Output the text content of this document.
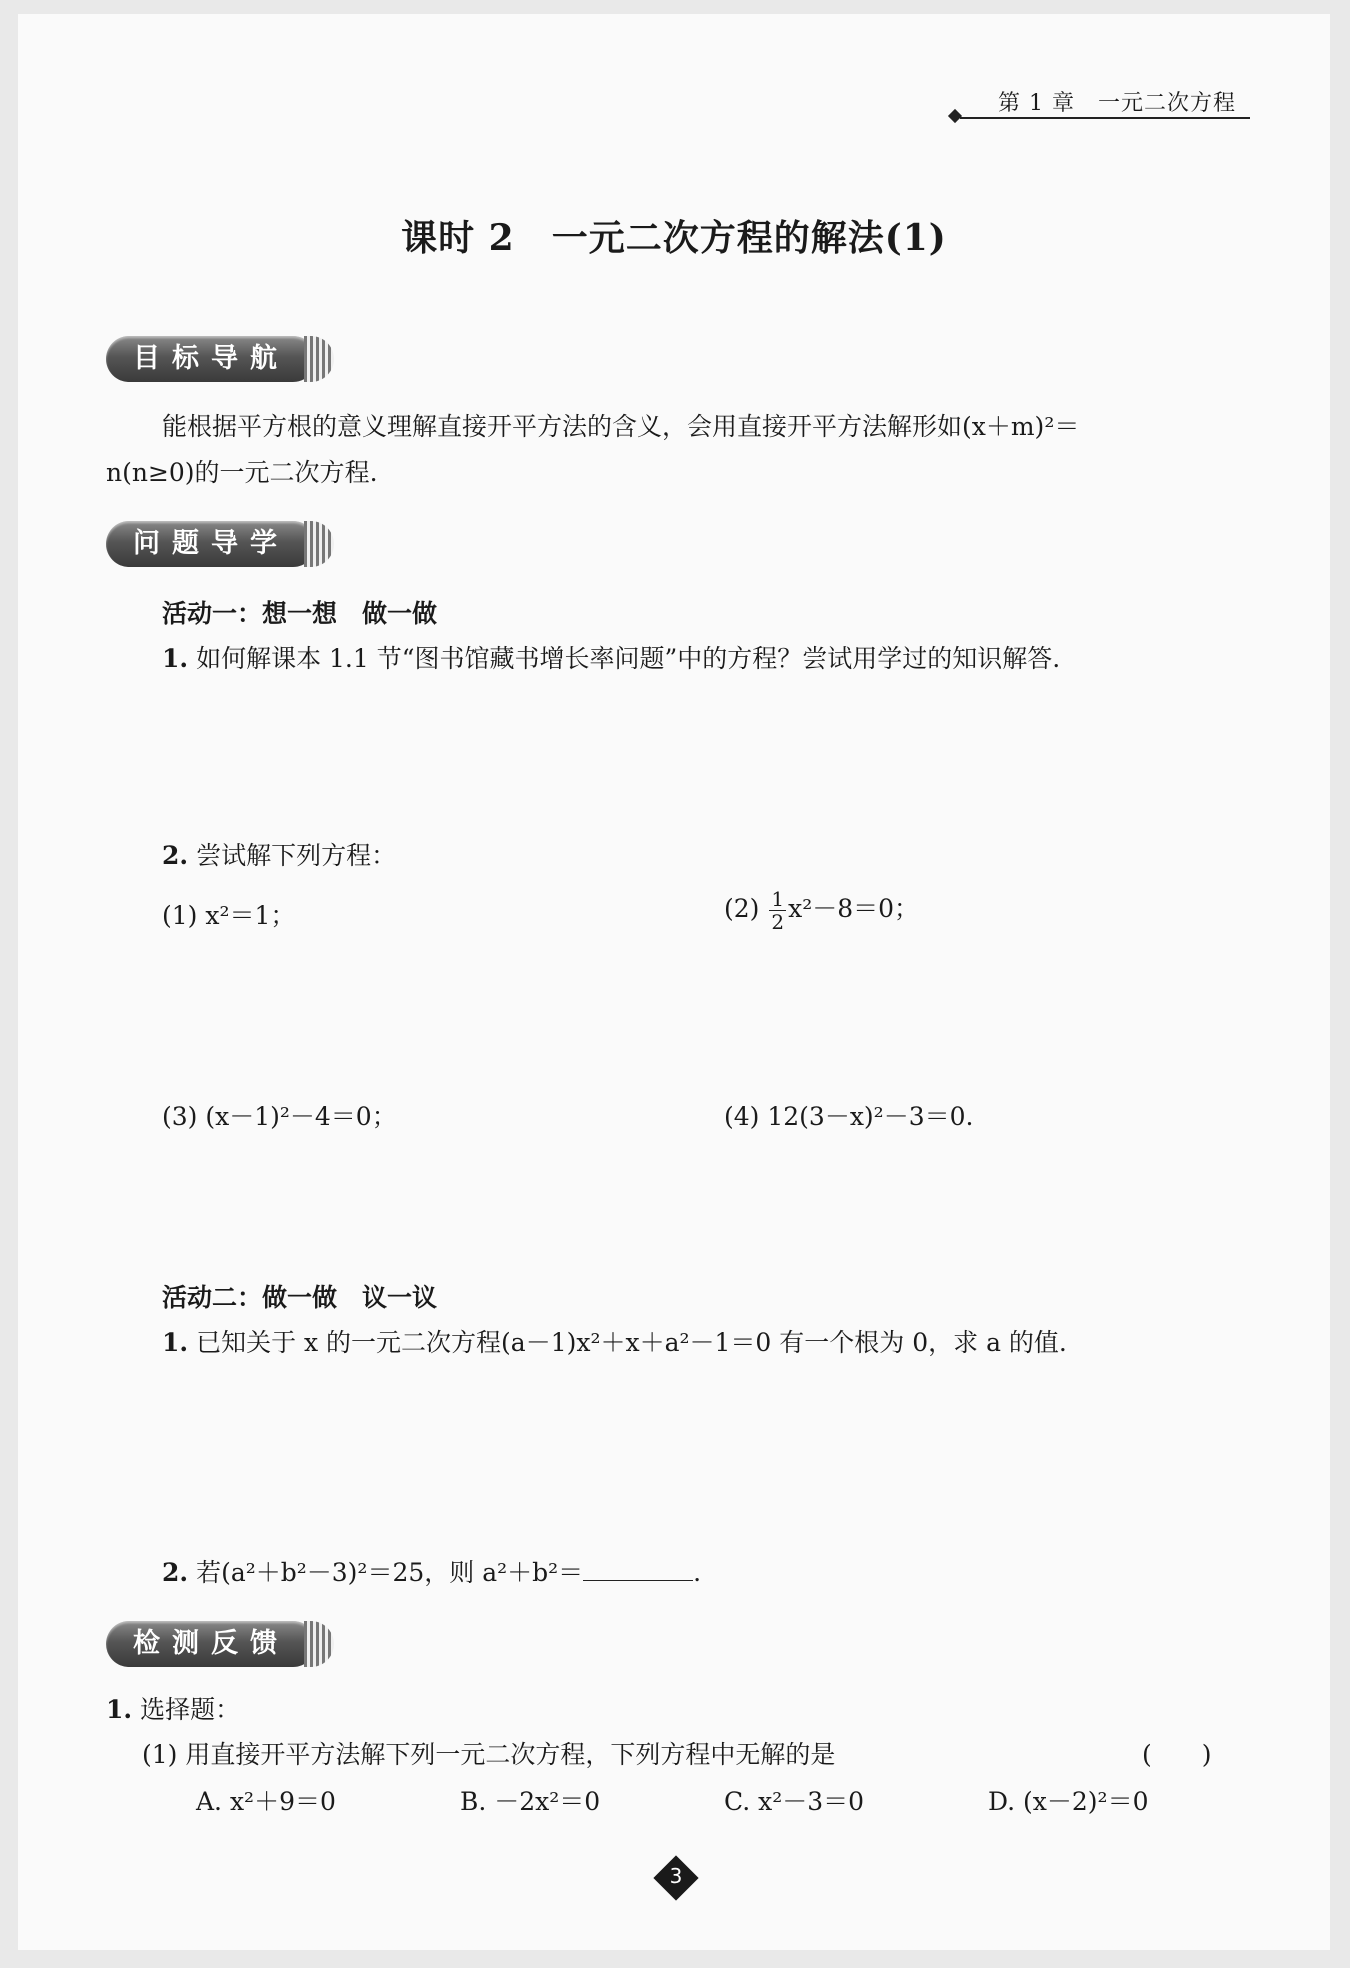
第 1 章　一元二次方程
课时 2　一元二次方程的解法(1)
目标导航
能根据平方根的意义理解直接开平方法的含义，会用直接开平方法解形如(x＋m)²＝
n(n≥0)的一元二次方程.
问题导学
活动一：想一想　做一做
1. 如何解课本 1.1 节“图书馆藏书增长率问题”中的方程？尝试用学过的知识解答.
2. 尝试解下列方程：
(1) x²＝1；	$(2) \frac{1}{2} x^2-8=0$；
(3) (x－1)²－4＝0；	(4) 12(3－x)²－3＝0.
活动二：做一做　议一议
1. 已知关于 x 的一元二次方程(a－1)x²＋x＋a²－1＝0 有一个根为 0，求 a 的值.
2. 若(a²＋b²－3)²＝25，则 a²＋b²＝	.
检测反馈
1. 选择题：
(1) 用直接开平方法解下列一元二次方程，下列方程中无解的是	(　　)
A. x²＋9＝0	B. －2x²＝0	C. x²－3＝0	D. (x－2)²＝0
3
